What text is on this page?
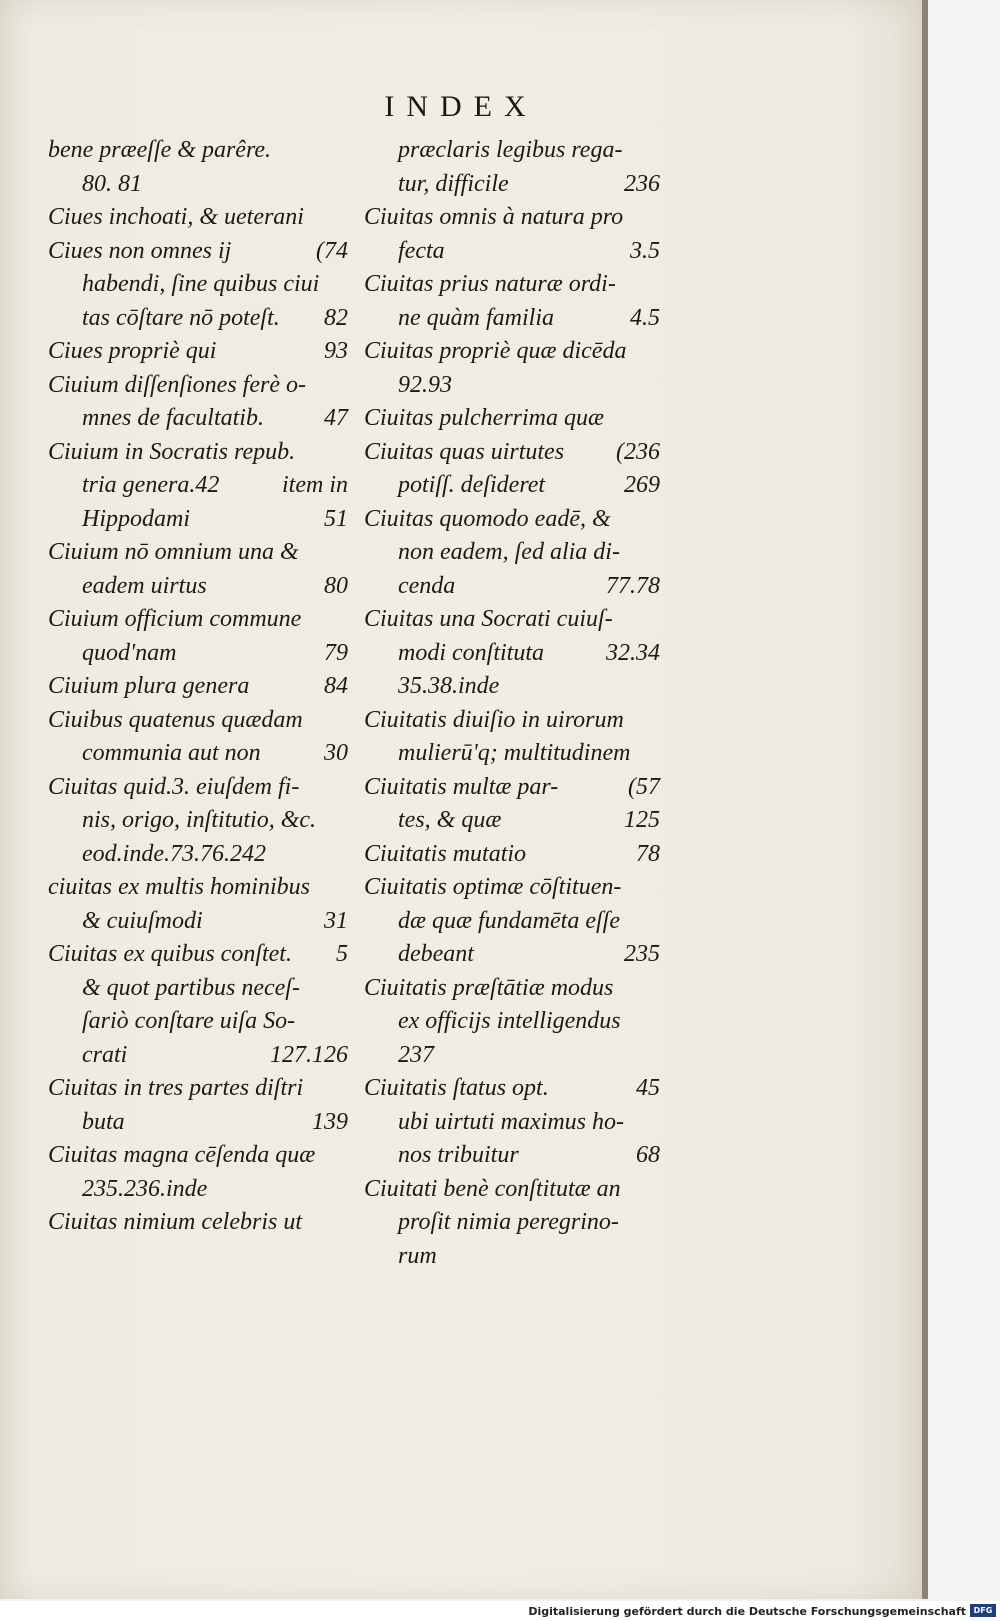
INDEX
bene præeſſe & parêre.
80. 81
Ciues inchoati, & ueterani
Ciues non omnes ij	(74
habendi, ſine quibus ciui
tas cōſtare nō poteſt. 82
Ciues propriè qui	93
Ciuium diſſenſiones ferè o-
mnes de facultatib.	47
Ciuium in Socratis repub.
tria genera.42	item in
Hippodami	51
Ciuium nō omnium una &
eadem uirtus	80
Ciuium officium commune
quod'nam	79
Ciuium plura genera	84
Ciuibus quatenus quædam
communia aut non	30
Ciuitas quid.3. eiuſdem fi-
nis, origo, inſtitutio, &c.
eod.inde.73.76.242
ciuitas ex multis hominibus
& cuiuſmodi	31
Ciuitas ex quibus conſtet. 5
& quot partibus neceſ-
ſariò conſtare uiſa So-
crati	127.126
Ciuitas in tres partes diſtri
buta	139
Ciuitas magna cēſenda quæ
235.236.inde
Ciuitas nimium celebris ut
præclaris legibus rega-
tur, difficile	236
Ciuitas omnis à natura pro
fecta	3.5
Ciuitas prius naturæ ordi-
ne quàm familia	4.5
Ciuitas propriè quæ dicēda
92.93
Ciuitas pulcherrima quæ
Ciuitas quas uirtutes (236
potiſſ. deſideret	269
Ciuitas quomodo eadē, &
non eadem, ſed alia di-
cenda	77.78
Ciuitas una Socrati cuiuſ-
modi conſtituta	32.34
35.38.inde
Ciuitatis diuiſio in uirorum
mulierū'q; multitudinem
Ciuitatis multæ par-	(57
tes, & quæ	125
Ciuitatis mutatio	78
Ciuitatis optimæ cōſtituen-
dæ quæ fundamēta eſſe
debeant	235
Ciuitatis præſtātiæ modus
ex officijs intelligendus
237
Ciuitatis ſtatus opt.	45
ubi uirtuti maximus ho-
nos tribuitur	68
Ciuitati benè conſtitutæ an
proſit nimia peregrino-
rum
Digitalisierung gefördert durch die Deutsche Forschungsgemeinschaft DFG
